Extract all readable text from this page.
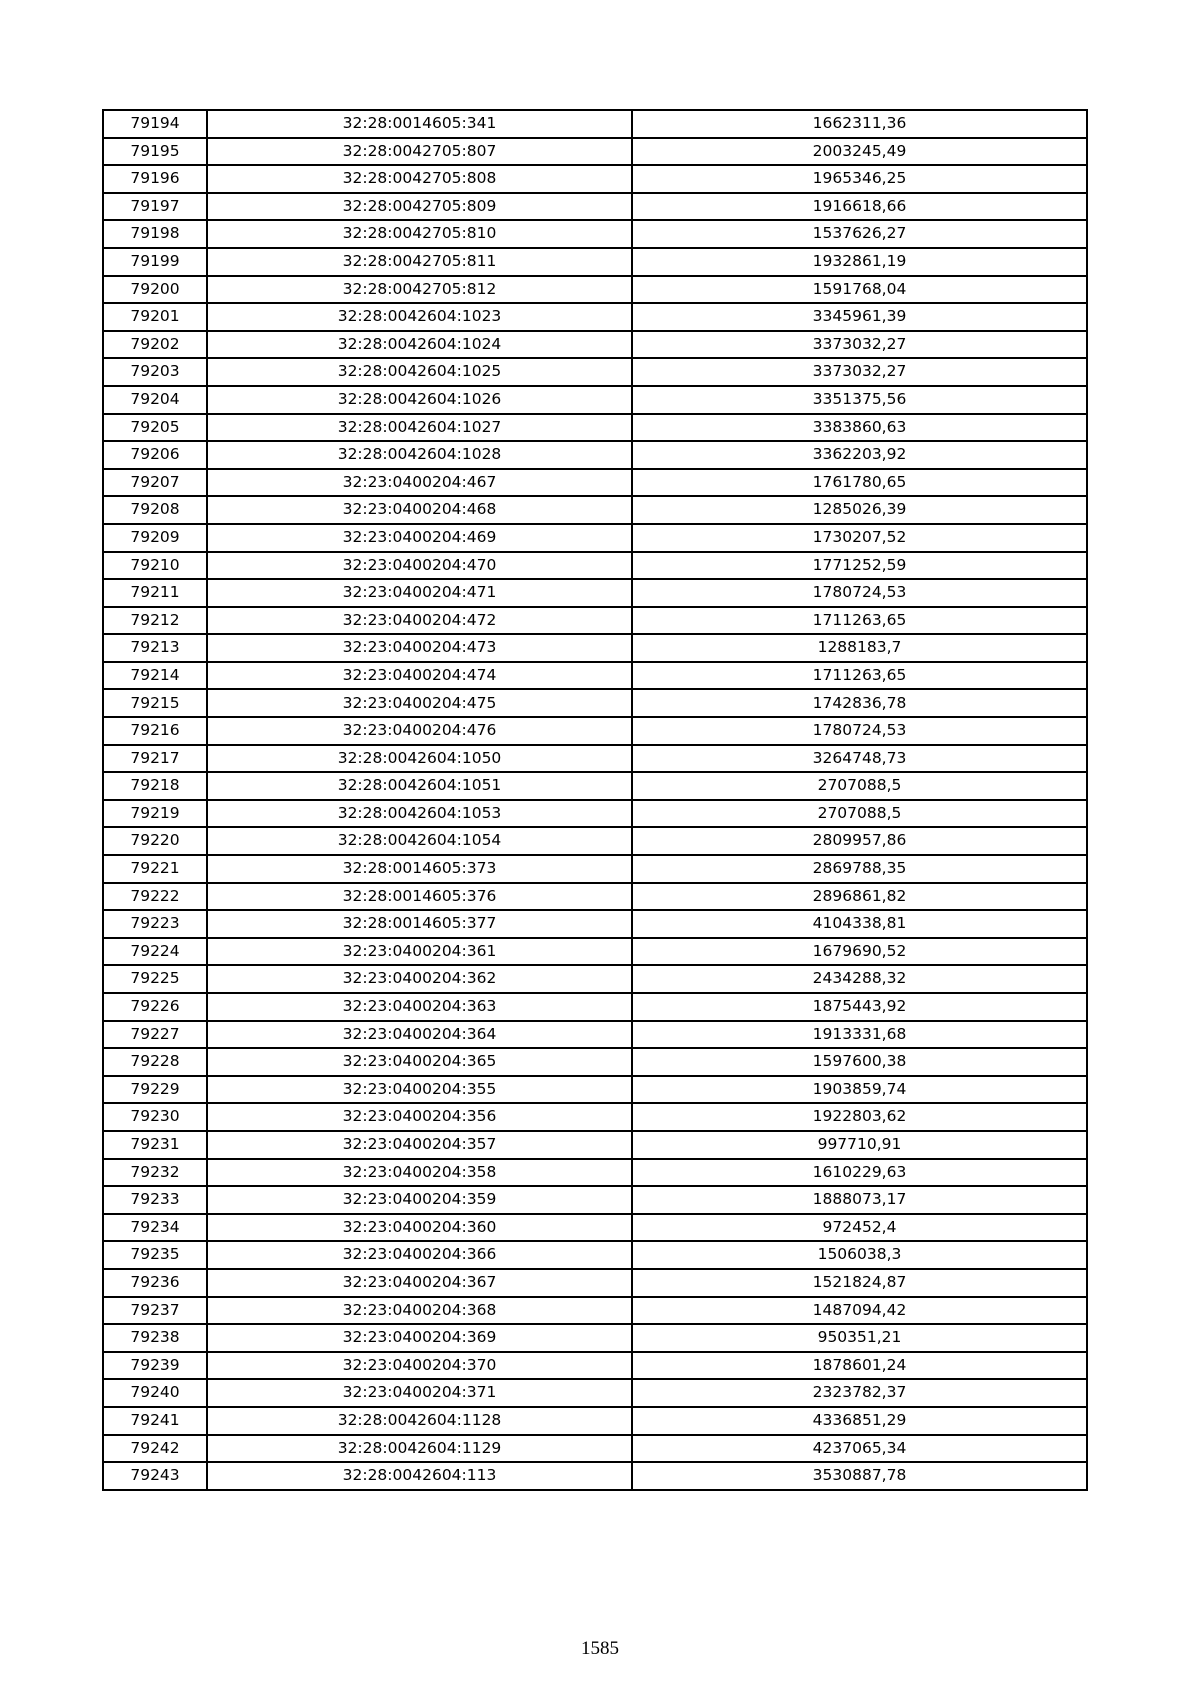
79194	32:28:0014605:341	1662311,36
79195	32:28:0042705:807	2003245,49
79196	32:28:0042705:808	1965346,25
79197	32:28:0042705:809	1916618,66
79198	32:28:0042705:810	1537626,27
79199	32:28:0042705:811	1932861,19
79200	32:28:0042705:812	1591768,04
79201	32:28:0042604:1023	3345961,39
79202	32:28:0042604:1024	3373032,27
79203	32:28:0042604:1025	3373032,27
79204	32:28:0042604:1026	3351375,56
79205	32:28:0042604:1027	3383860,63
79206	32:28:0042604:1028	3362203,92
79207	32:23:0400204:467	1761780,65
79208	32:23:0400204:468	1285026,39
79209	32:23:0400204:469	1730207,52
79210	32:23:0400204:470	1771252,59
79211	32:23:0400204:471	1780724,53
79212	32:23:0400204:472	1711263,65
79213	32:23:0400204:473	1288183,7
79214	32:23:0400204:474	1711263,65
79215	32:23:0400204:475	1742836,78
79216	32:23:0400204:476	1780724,53
79217	32:28:0042604:1050	3264748,73
79218	32:28:0042604:1051	2707088,5
79219	32:28:0042604:1053	2707088,5
79220	32:28:0042604:1054	2809957,86
79221	32:28:0014605:373	2869788,35
79222	32:28:0014605:376	2896861,82
79223	32:28:0014605:377	4104338,81
79224	32:23:0400204:361	1679690,52
79225	32:23:0400204:362	2434288,32
79226	32:23:0400204:363	1875443,92
79227	32:23:0400204:364	1913331,68
79228	32:23:0400204:365	1597600,38
79229	32:23:0400204:355	1903859,74
79230	32:23:0400204:356	1922803,62
79231	32:23:0400204:357	997710,91
79232	32:23:0400204:358	1610229,63
79233	32:23:0400204:359	1888073,17
79234	32:23:0400204:360	972452,4
79235	32:23:0400204:366	1506038,3
79236	32:23:0400204:367	1521824,87
79237	32:23:0400204:368	1487094,42
79238	32:23:0400204:369	950351,21
79239	32:23:0400204:370	1878601,24
79240	32:23:0400204:371	2323782,37
79241	32:28:0042604:1128	4336851,29
79242	32:28:0042604:1129	4237065,34
79243	32:28:0042604:113	3530887,78
1585
